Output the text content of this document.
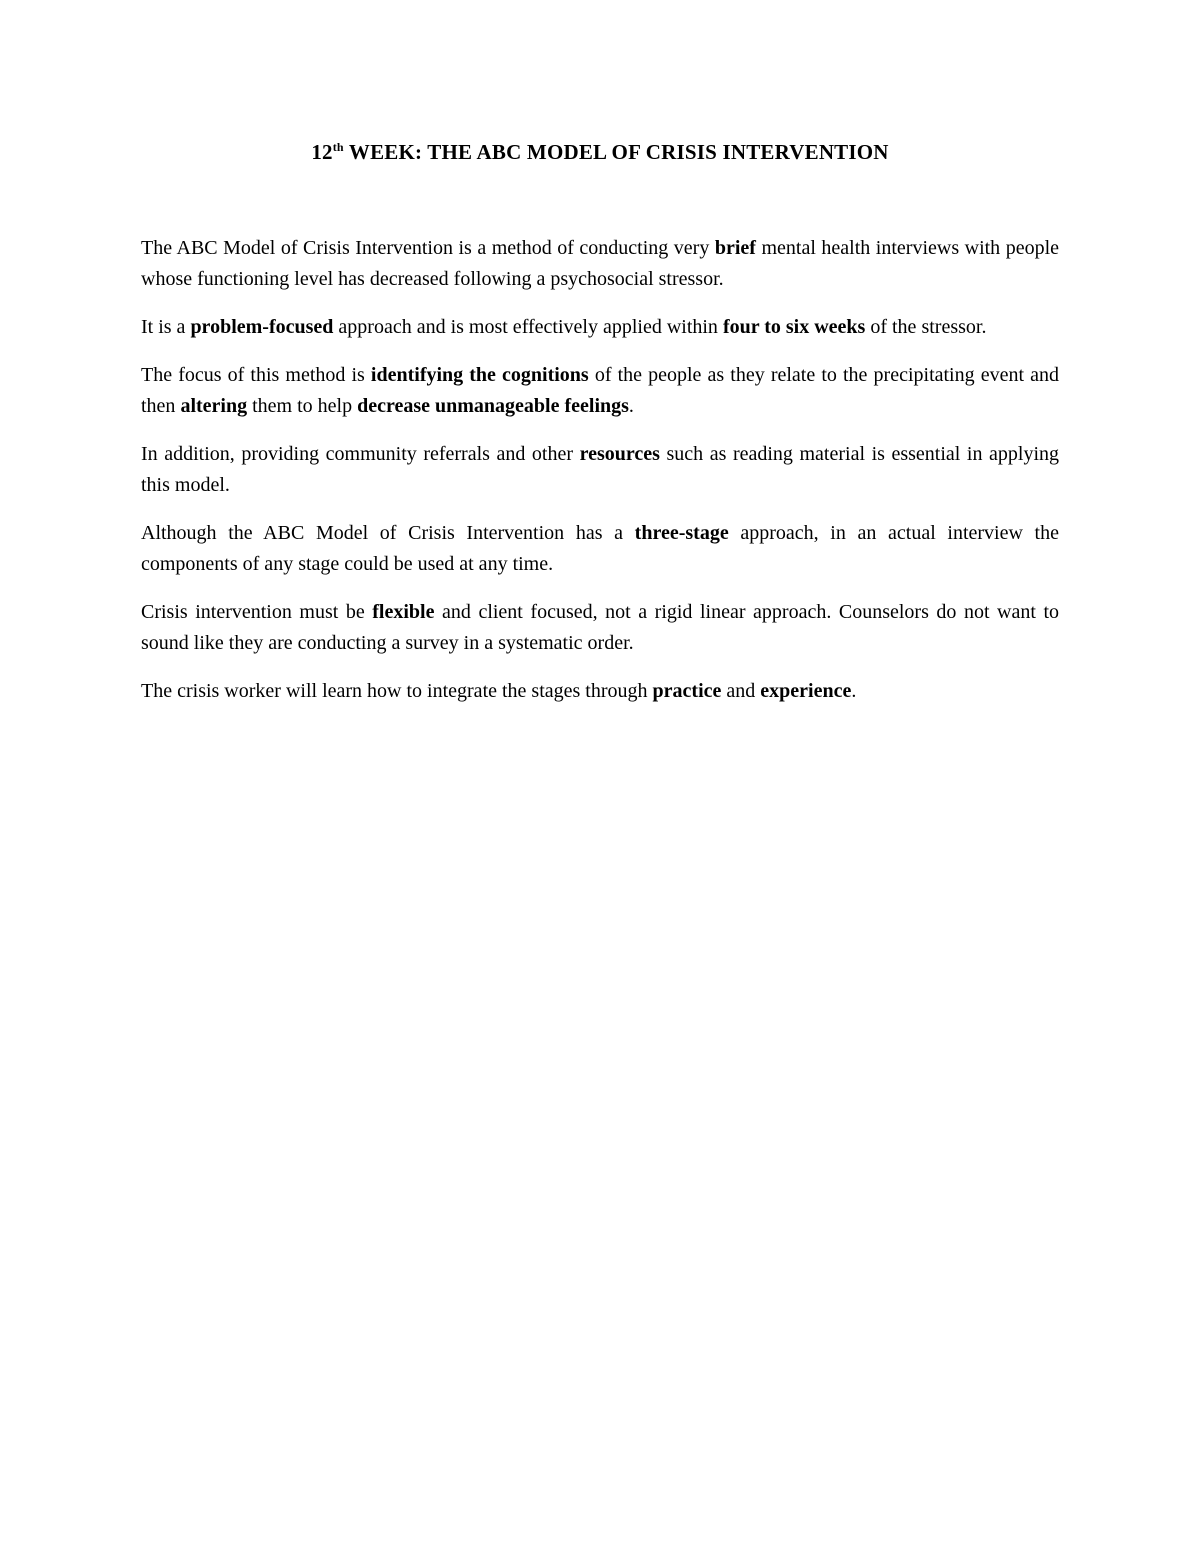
12th WEEK: THE ABC MODEL OF CRISIS INTERVENTION

The ABC Model of Crisis Intervention is a method of conducting very brief mental health interviews with people whose functioning level has decreased following a psychosocial stressor.

It is a problem-focused approach and is most effectively applied within four to six weeks of the stressor.

The focus of this method is identifying the cognitions of the people as they relate to the precipitating event and then altering them to help decrease unmanageable feelings.

In addition, providing community referrals and other resources such as reading material is essential in applying this model.

Although the ABC Model of Crisis Intervention has a three-stage approach, in an actual interview the components of any stage could be used at any time.

Crisis intervention must be flexible and client focused, not a rigid linear approach. Counselors do not want to sound like they are conducting a survey in a systematic order.

The crisis worker will learn how to integrate the stages through practice and experience.
